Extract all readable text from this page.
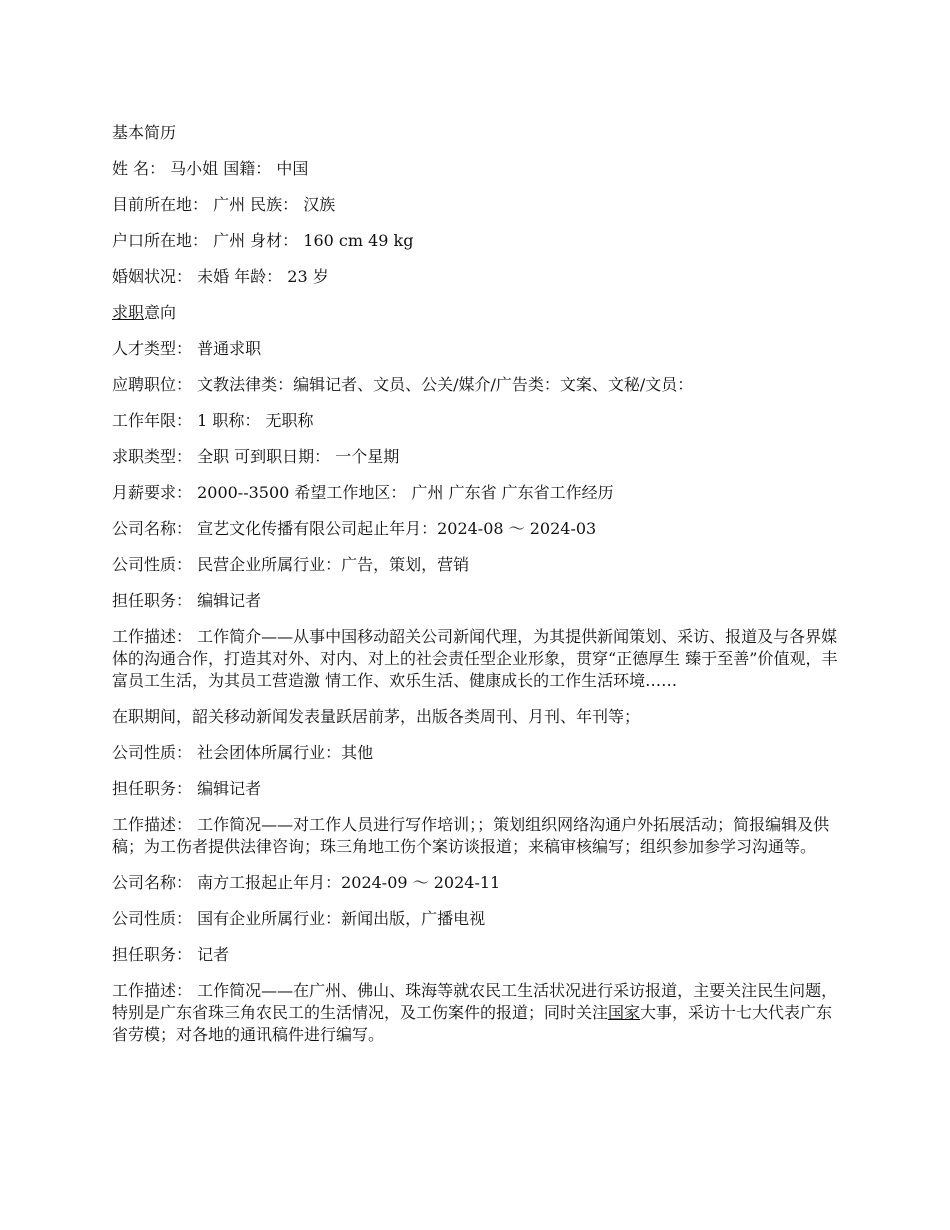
基本简历

姓 名： 马小姐 国籍： 中国

目前所在地： 广州 民族： 汉族

户口所在地： 广州 身材： 160 cm 49 kg

婚姻状况： 未婚 年龄： 23 岁

求职意向

人才类型： 普通求职

应聘职位： 文教法律类：编辑记者、文员、公关/媒介/广告类：文案、文秘/文员：

工作年限： 1 职称： 无职称

求职类型： 全职 可到职日期： 一个星期

月薪要求： 2000--3500 希望工作地区： 广州 广东省 广东省工作经历

公司名称： 宣艺文化传播有限公司起止年月：2024-08 ～ 2024-03

公司性质： 民营企业所属行业：广告，策划，营销

担任职务： 编辑记者

工作描述： 工作简介——从事中国移动韶关公司新闻代理，为其提供新闻策划、采访、报道及与各界媒体的沟通合作，打造其对外、对内、对上的社会责任型企业形象，贯穿“正德厚生 臻于至善”价值观，丰富员工生活，为其员工营造激 情工作、欢乐生活、健康成长的工作生活环境……

在职期间，韶关移动新闻发表量跃居前茅，出版各类周刊、月刊、年刊等；

公司性质： 社会团体所属行业：其他

担任职务： 编辑记者

工作描述： 工作简况——对工作人员进行写作培训；；策划组织网络沟通户外拓展活动；简报编辑及供稿；为工伤者提供法律咨询；珠三角地工伤个案访谈报道；来稿审核编写；组织参加参学习沟通等。

公司名称： 南方工报起止年月：2024-09 ～ 2024-11

公司性质： 国有企业所属行业：新闻出版，广播电视

担任职务： 记者

工作描述： 工作简况——在广州、佛山、珠海等就农民工生活状况进行采访报道，主要关注民生问题，特别是广东省珠三角农民工的生活情况，及工伤案件的报道；同时关注国家大事，采访十七大代表广东省劳模；对各地的通讯稿件进行编写。
